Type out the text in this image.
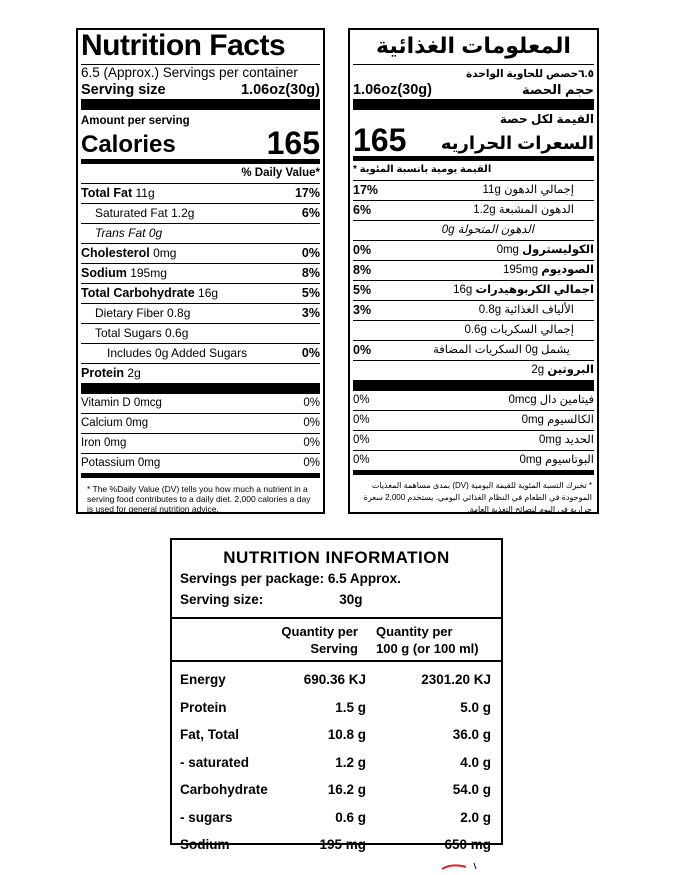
Nutrition Facts
6.5 (Approx.) Servings per container
Serving size	1.06oz(30g)
Amount per serving
Calories	165
% Daily Value*
Total Fat 11g	17%
Saturated Fat 1.2g	6%
Trans Fat 0g
Cholesterol 0mg	0%
Sodium 195mg	8%
Total Carbohydrate 16g	5%
Dietary Fiber 0.8g	3%
Total Sugars 0.6g
Includes 0g Added Sugars	0%
Protein 2g
Vitamin D 0mcg	0%
Calcium 0mg	0%
Iron 0mg	0%
Potassium 0mg	0%
* The %Daily Value (DV) tells you how much a nutrient in a serving food contributes to a daily diet. 2,000 calories a day is used for general nutrition advice.
المعلومات الغذائية
٦.٥حصص للحاوية الواحدة
1.06oz(30g)	حجم الحصة
القيمة لكل حصة
165 السعرات الحراريه
القيمة يومية بانسبة المئوية *
17%	إجمالي الدهون 11g
6%	الدهون المشبعة 1.2g
الدهون المتحولة 0g
0%	الكوليسترول 0mg
8%	الصوديوم 195mg
5%	اجمالي الكربوهيدرات 16g
3%	الألياف الغذائية 0.8g
إجمالي السكريات 0.6g
0%	يشمل 0g السكريات المضافة
البروتين 2g
0%	فيتامين دال 0mcg
0%	الكالسيوم 0mg
0%	الحديد 0mg
0%	البوتاسيوم 0mg
* تخبرك النسبة المئوية للقيمة اليومية (DV) بمدى مساهمة المغذيات الموجودة في الطعام في النظام الغذائي اليومي. يستخدم 2,000 سعرة حرارية في اليوم لنصائح التغذية العامة.
NUTRITION INFORMATION
Servings per package: 6.5 Approx.
Serving size:	30g
Quantity per
Serving
Quantity per
100 g (or 100 ml)
Energy	690.36 KJ	2301.20 KJ
Protein	1.5 g	5.0 g
Fat, Total	10.8 g	36.0 g
- saturated	1.2 g	4.0 g
Carbohydrate	16.2 g	54.0 g
- sugars	0.6 g	2.0 g
Sodium	195 mg	650 mg
